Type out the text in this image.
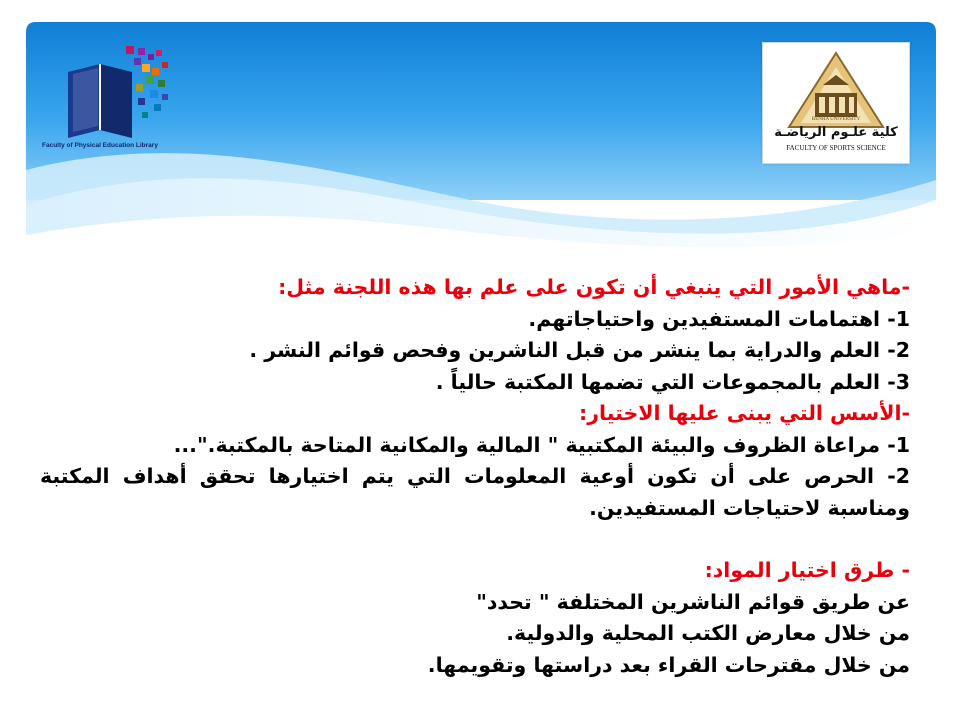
Faculty of Physical Education Library
BENHA UNIVERSITY
كلية علـوم الرياضـة
FACULTY OF SPORTS SCIENCE

-ماهي الأمور التي ينبغي أن تكون على علم بها هذه اللجنة مثل:

1- اهتمامات المستفيدين واحتياجاتهم.

2- العلم والدراية بما ينشر من قبل الناشرين وفحص قوائم النشر .

3- العلم بالمجموعات التي تضمها المكتبة حالياً .

-الأسس التي يبنى عليها الاختيار:

1- مراعاة الظروف والبيئة المكتبية " المالية والمكانية المتاحة بالمكتبة."...

2- الحرص على أن تكون أوعية المعلومات التي يتم اختيارها تحقق أهداف المكتبة ومناسبة لاحتياجات المستفيدين.

- طرق اختيار المواد:

عن طريق قوائم الناشرين المختلفة " تحدد"

من خلال معارض الكتب المحلية والدولية.

من خلال مقترحات القراء بعد دراستها وتقويمها.
